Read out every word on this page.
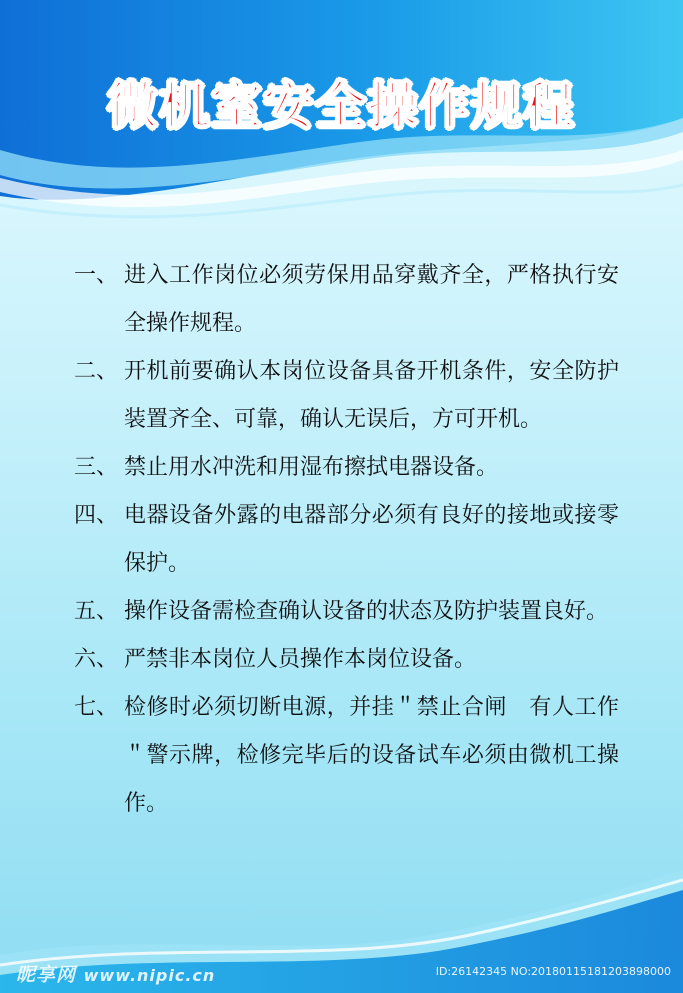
微机室安全操作规程
一、 进入工作岗位必须劳保用品穿戴齐全，严格执行安全操作规程。
二、 开机前要确认本岗位设备具备开机条件，安全防护装置齐全、可靠，确认无误后，方可开机。
三、 禁止用水冲洗和用湿布擦拭电器设备。
四、 电器设备外露的电器部分必须有良好的接地或接零保护。
五、 操作设备需检查确认设备的状态及防护装置良好。
六、 严禁非本岗位人员操作本岗位设备。
七、 检修时必须切断电源，并挂＂禁止合闸　有人工作＂警示牌，检修完毕后的设备试车必须由微机工操作。
昵享网 www.nipic.cn	ID:26142345 NO:20180115181203898000
